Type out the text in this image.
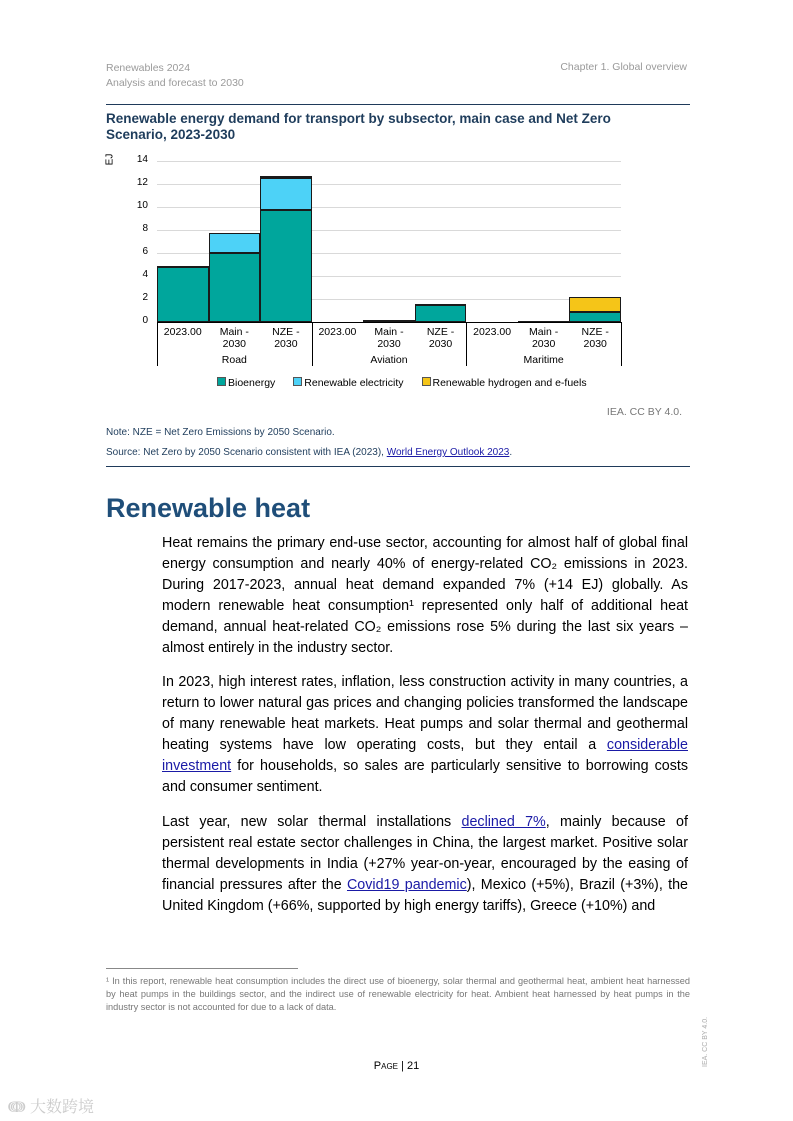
Renewables 2024
Analysis and forecast to 2030
Chapter 1. Global overview
Renewable energy demand for transport by subsector, main case and Net Zero Scenario, 2023-2030
EJ
0
2
4
6
8
10
12
14
2023.00	Main -
2030
NZE -
2030
2023.00	Main -
2030
NZE -
2030
2023.00	Main -
2030
NZE -
2030
Road	Aviation	Maritime
Bioenergy	Renewable electricity	Renewable hydrogen and e-fuels
IEA. CC BY 4.0.
Note: NZE = Net Zero Emissions by 2050 Scenario.
Source: Net Zero by 2050 Scenario consistent with IEA (2023), World Energy Outlook 2023.
Renewable heat
Heat remains the primary end-use sector, accounting for almost half of global final energy consumption and nearly 40% of energy-related CO₂ emissions in 2023. During 2017-2023, annual heat demand expanded 7% (+14 EJ) globally. As modern renewable heat consumption¹ represented only half of additional heat demand, annual heat-related CO₂ emissions rose 5% during the last six years – almost entirely in the industry sector.
In 2023, high interest rates, inflation, less construction activity in many countries, a return to lower natural gas prices and changing policies transformed the landscape of many renewable heat markets. Heat pumps and solar thermal and geothermal heating systems have low operating costs, but they entail a considerable investment for households, so sales are particularly sensitive to borrowing costs and consumer sentiment.
Last year, new solar thermal installations declined 7%, mainly because of persistent real estate sector challenges in China, the largest market. Positive solar thermal developments in India (+27% year-on-year, encouraged by the easing of financial pressures after the Covid19 pandemic), Mexico (+5%), Brazil (+3%), the United Kingdom (+66%, supported by high energy tariffs), Greece (+10%) and
¹ In this report, renewable heat consumption includes the direct use of bioenergy, solar thermal and geothermal heat, ambient heat harnessed by heat pumps in the buildings sector, and the indirect use of renewable electricity for heat. Ambient heat harnessed by heat pumps in the industry sector is not accounted for due to a lack of data.
Page | 21	IEA. CC BY 4.0.
ↈ 大数跨境
